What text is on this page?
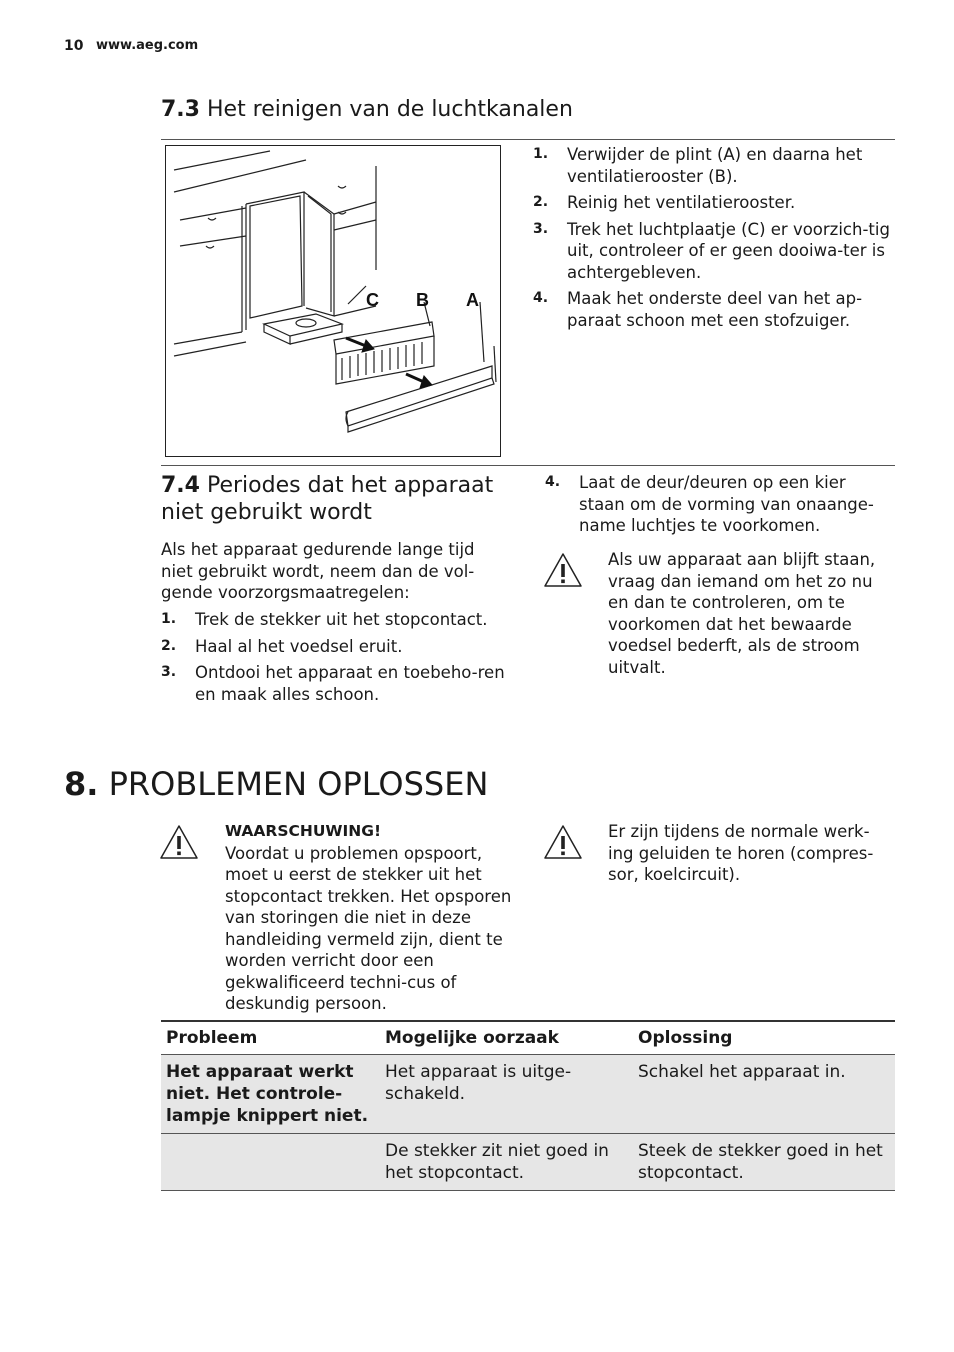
10 www.aeg.com
7.3 Het reinigen van de luchtkanalen
C B A
1. Verwijder de plint (A) en daarna het ventilatierooster (B).
2. Reinig het ventilatierooster.
3. Trek het luchtplaatje (C) er voorzich-tig uit, controleer of er geen dooiwa-ter is achtergebleven.
4. Maak het onderste deel van het ap-paraat schoon met een stofzuiger.
7.4 Periodes dat het apparaat niet gebruikt wordt
Als het apparaat gedurende lange tijd niet gebruikt wordt, neem dan de vol-gende voorzorgsmaatregelen:
1. Trek de stekker uit het stopcontact.
2. Haal al het voedsel eruit.
3. Ontdooi het apparaat en toebeho-ren en maak alles schoon.
4. Laat de deur/deuren op een kier staan om de vorming van onaange-name luchtjes te voorkomen.
Als uw apparaat aan blijft staan, vraag dan iemand om het zo nu en dan te controleren, om te voorkomen dat het bewaarde voedsel bederft, als de stroom uitvalt.
8. PROBLEMEN OPLOSSEN
WAARSCHUWING!
Voordat u problemen opspoort, moet u eerst de stekker uit het stopcontact trekken. Het opsporen van storingen die niet in deze handleiding vermeld zijn, dient te worden verricht door een gekwalificeerd techni-cus of deskundig persoon.
Er zijn tijdens de normale werk-ing geluiden te horen (compres-sor, koelcircuit).
Probleem	Mogelijke oorzaak	Oplossing
Het apparaat werkt niet. Het controle-lampje knippert niet.	Het apparaat is uitge-schakeld.	Schakel het apparaat in.
	De stekker zit niet goed in het stopcontact.	Steek de stekker goed in het stopcontact.
